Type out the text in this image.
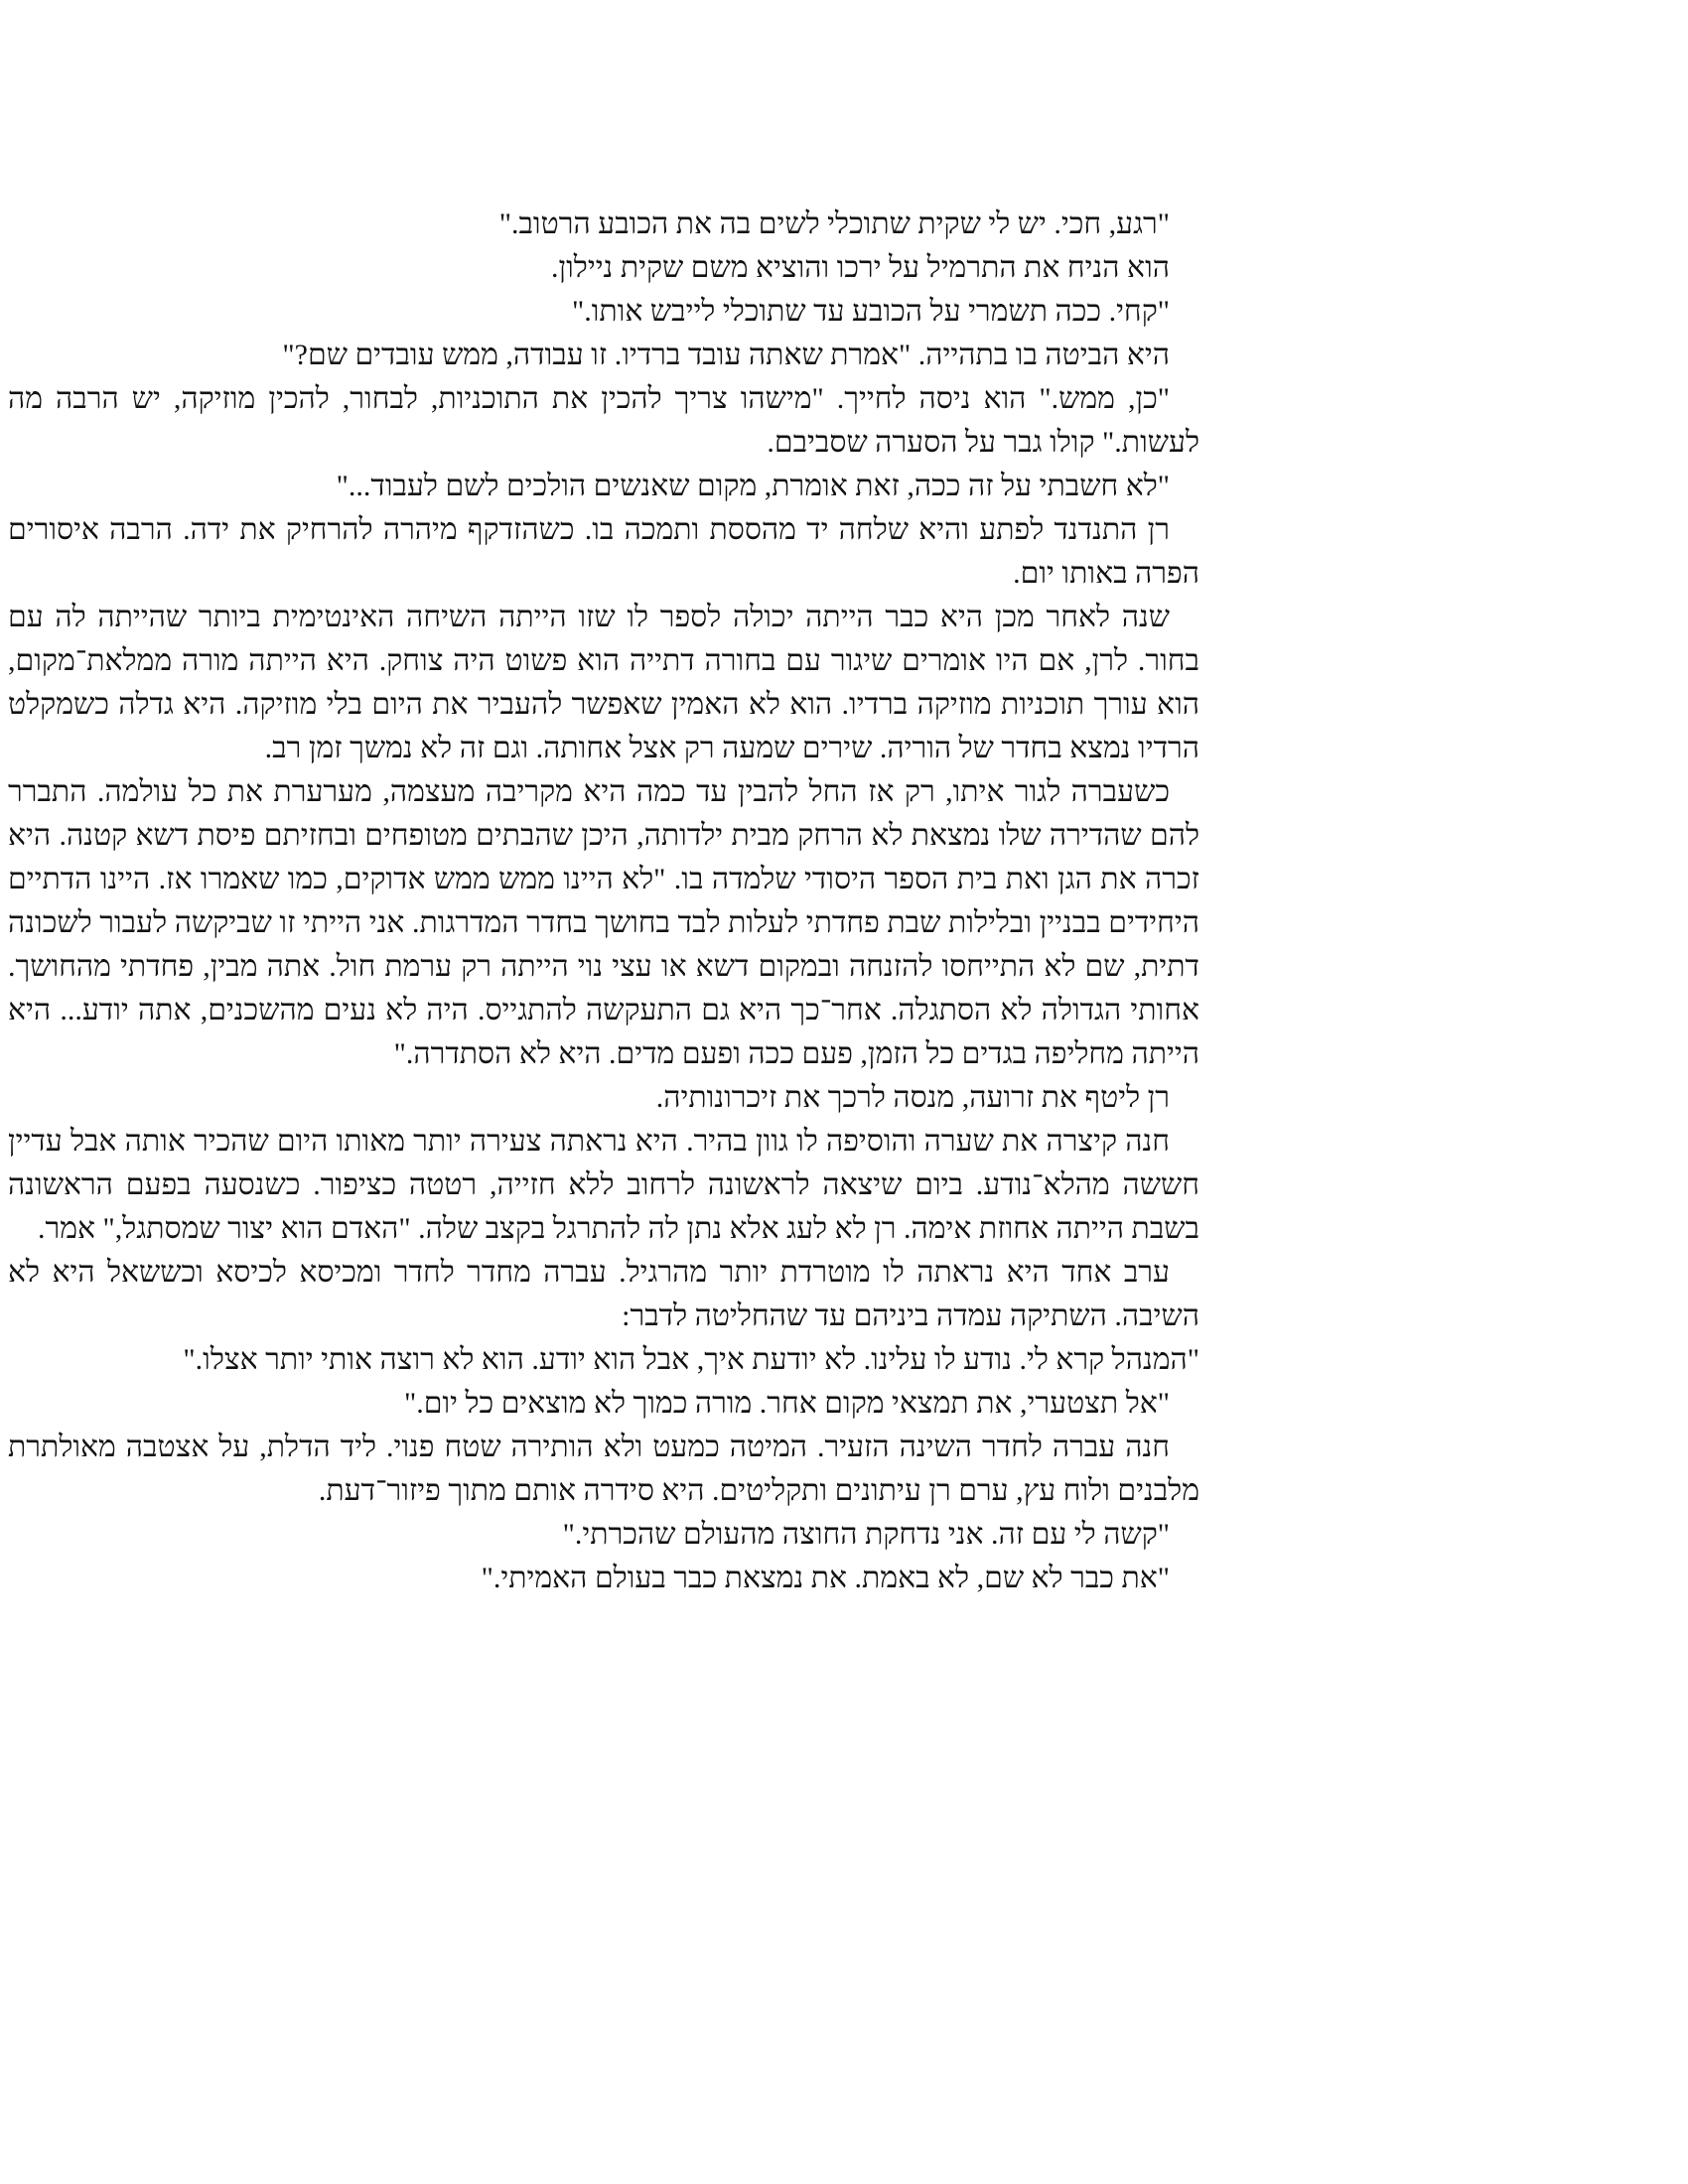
"רגע, חכי. יש לי שקית שתוכלי לשים בה את הכובע הרטוב."

הוא הניח את התרמיל על ירכו והוציא משם שקית ניילון.

"קחי. ככה תשמרי על הכובע עד שתוכלי לייבש אותו."

היא הביטה בו בתהייה. "אמרת שאתה עובד ברדיו. זו עבודה, ממש עובדים שם?"

"כן, ממש." הוא ניסה לחייך. "מישהו צריך להכין את התוכניות, לבחור, להכין מוזיקה, יש הרבה מה לעשות." קולו גבר על הסערה שסביבם.

"לא חשבתי על זה ככה, זאת אומרת, מקום שאנשים הולכים לשם לעבוד..."

רן התנדנד לפתע והיא שלחה יד מהססת ותמכה בו. כשהזדקף מיהרה להרחיק את ידה. הרבה איסורים הפרה באותו יום.

שנה לאחר מכן היא כבר הייתה יכולה לספר לו שזו הייתה השיחה האינטימית ביותר שהייתה לה עם בחור. לרן, אם היו אומרים שיגור עם בחורה דתייה הוא פשוט היה צוחק. היא הייתה מורה ממלאת־מקום, הוא עורך תוכניות מוזיקה ברדיו. הוא לא האמין שאפשר להעביר את היום בלי מוזיקה. היא גדלה כשמקלט הרדיו נמצא בחדר של הוריה. שירים שמעה רק אצל אחותה. וגם זה לא נמשך זמן רב.

כשעברה לגור איתו, רק אז החל להבין עד כמה היא מקריבה מעצמה, מערערת את כל עולמה. התברר להם שהדירה שלו נמצאת לא הרחק מבית ילדותה, היכן שהבתים מטופחים ובחזיתם פיסת דשא קטנה. היא זכרה את הגן ואת בית הספר היסודי שלמדה בו. "לא היינו ממש ממש אדוקים, כמו שאמרו אז. היינו הדתיים היחידים בבניין ובלילות שבת פחדתי לעלות לבד בחושך בחדר המדרגות. אני הייתי זו שביקשה לעבור לשכונה דתית, שם לא התייחסו להזנחה ובמקום דשא או עצי נוי הייתה רק ערמת חול. אתה מבין, פחדתי מהחושך. אחותי הגדולה לא הסתגלה. אחר־כך היא גם התעקשה להתגייס. היה לא נעים מהשכנים, אתה יודע... היא הייתה מחליפה בגדים כל הזמן, פעם ככה ופעם מדים. היא לא הסתדרה."

רן ליטף את זרועה, מנסה לרכך את זיכרונותיה.

חנה קיצרה את שערה והוסיפה לו גוון בהיר. היא נראתה צעירה יותר מאותו היום שהכיר אותה אבל עדיין חששה מהלא־נודע. ביום שיצאה לראשונה לרחוב ללא חזייה, רטטה כציפור. כשנסעה בפעם הראשונה בשבת הייתה אחוזת אימה. רן לא לעג אלא נתן לה להתרגל בקצב שלה. "האדם הוא יצור שמסתגל," אמר.

ערב אחד היא נראתה לו מוטרדת יותר מהרגיל. עברה מחדר לחדר ומכיסא לכיסא וכששאל היא לא השיבה. השתיקה עמדה ביניהם עד שהחליטה לדבר:

"המנהל קרא לי. נודע לו עלינו. לא יודעת איך, אבל הוא יודע. הוא לא רוצה אותי יותר אצלו."

"אל תצטערי, את תמצאי מקום אחר. מורה כמוך לא מוצאים כל יום."

חנה עברה לחדר השינה הזעיר. המיטה כמעט ולא הותירה שטח פנוי. ליד הדלת, על אצטבה מאולתרת מלבנים ולוח עץ, ערם רן עיתונים ותקליטים. היא סידרה אותם מתוך פיזור־דעת.

"קשה לי עם זה. אני נדחקת החוצה מהעולם שהכרתי."

"את כבר לא שם, לא באמת. את נמצאת כבר בעולם האמיתי."
